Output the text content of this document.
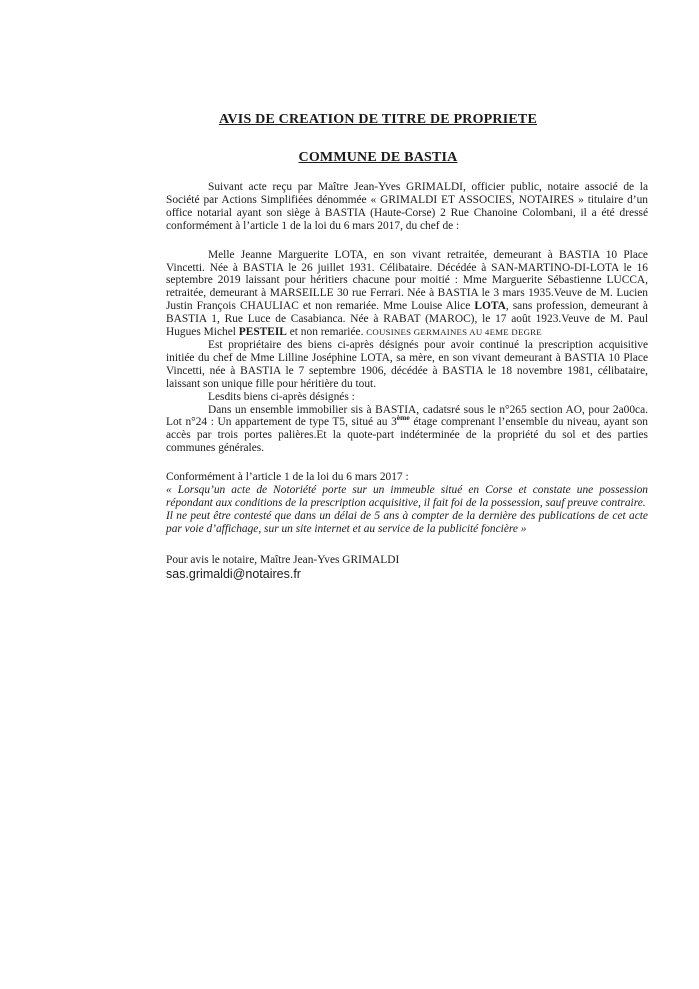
AVIS DE CREATION DE TITRE DE PROPRIETE
COMMUNE DE BASTIA

Suivant acte reçu par Maître Jean-Yves GRIMALDI, officier public, notaire associé de la Société par Actions Simplifiées dénommée « GRIMALDI ET ASSOCIES, NOTAIRES » titulaire d’un office notarial ayant son siège à BASTIA (Haute-Corse) 2 Rue Chanoine Colombani, il a été dressé conformément à l’article 1 de la loi du 6 mars 2017, du chef de :

Melle Jeanne Marguerite LOTA, en son vivant retraitée, demeurant à BASTIA 10 Place Vincetti. Née à BASTIA le 26 juillet 1931. Célibataire. Décédée à SAN-MARTINO-DI-LOTA le 16 septembre 2019 laissant pour héritiers chacune pour moitié : Mme Marguerite Sébastienne LUCCA, retraitée, demeurant à MARSEILLE 30 rue Ferrari. Née à BASTIA le 3 mars 1935.Veuve de M. Lucien Justin François CHAULIAC et non remariée. Mme Louise Alice LOTA, sans profession, demeurant à BASTIA 1, Rue Luce de Casabianca. Née à RABAT (MAROC), le 17 août 1923.Veuve de M. Paul Hugues Michel PESTEIL et non remariée. COUSINES GERMAINES AU 4EME DEGRE

Est propriétaire des biens ci-après désignés pour avoir continué la prescription acquisitive initiée du chef de Mme Lilline Joséphine LOTA, sa mère, en son vivant demeurant à BASTIA 10 Place Vincetti, née à BASTIA le 7 septembre 1906, décédée à BASTIA le 18 novembre 1981, célibataire, laissant son unique fille pour héritière du tout.

Lesdits biens ci-après désignés :

Dans un ensemble immobilier sis à BASTIA, cadatsré sous le n°265 section AO, pour 2a00ca. Lot n°24 : Un appartement de type T5, situé au 3ème étage comprenant l’ensemble du niveau, ayant son accès par trois portes palières.Et la quote-part indéterminée de la propriété du sol et des parties communes générales.

Conformément à l’article 1 de la loi du 6 mars 2017 :

« Lorsqu’un acte de Notoriété porte sur un immeuble situé en Corse et constate une possession répondant aux conditions de la prescription acquisitive, il fait foi de la possession, sauf preuve contraire.

Il ne peut être contesté que dans un délai de 5 ans à compter de la dernière des publications de cet acte par voie d’affichage, sur un site internet et au service de la publicité foncière »

Pour avis le notaire, Maître Jean-Yves GRIMALDI

sas.grimaldi@notaires.fr
